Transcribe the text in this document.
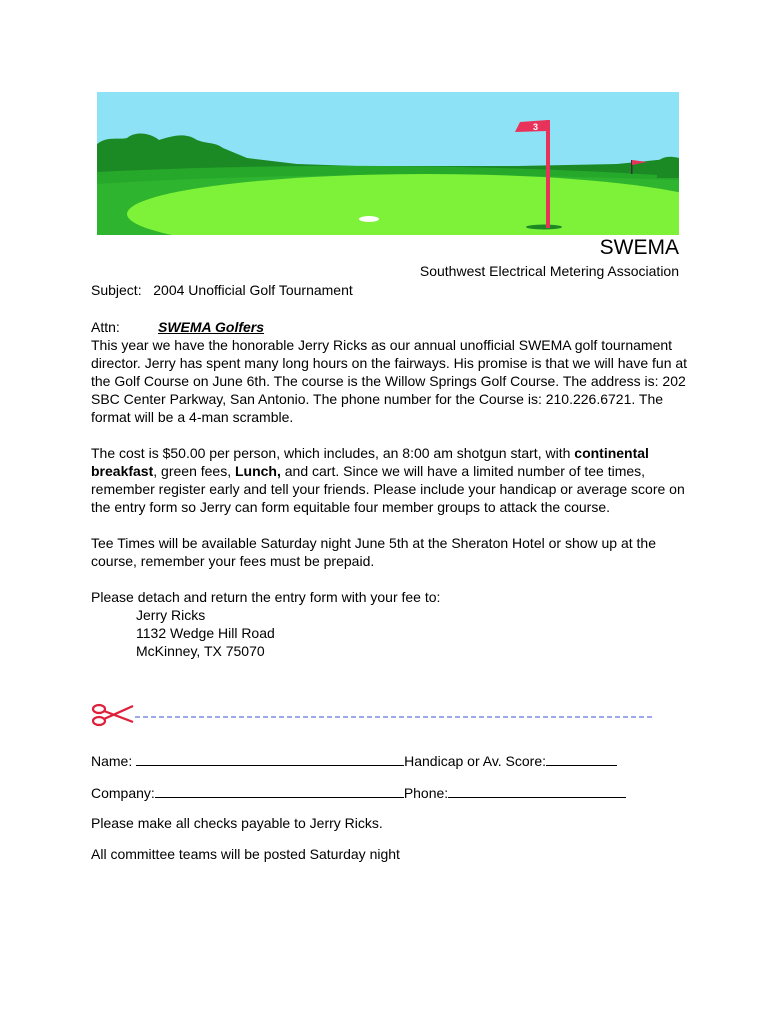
3
SWEMA
Southwest Electrical Metering Association
Subject: 2004 Unofficial Golf Tournament
Attn:	SWEMA Golfers

This year we have the honorable Jerry Ricks as our annual unofficial SWEMA golf tournament director. Jerry has spent many long hours on the fairways. His promise is that we will have fun at the Golf Course on June 6th. The course is the Willow Springs Golf Course. The address is: 202 SBC Center Parkway, San Antonio. The phone number for the Course is: 210.226.6721. The format will be a 4-man scramble.

The cost is $50.00 per person, which includes, an 8:00 am shotgun start, with continental breakfast, green fees, Lunch, and cart. Since we will have a limited number of tee times, remember register early and tell your friends. Please include your handicap or average score on the entry form so Jerry can form equitable four member groups to attack the course.

Tee Times will be available Saturday night June 5th at the Sheraton Hotel or show up at the course, remember your fees must be prepaid.

Please detach and return the entry form with your fee to:
Jerry Ricks
1132 Wedge Hill Road
McKinney, TX 75070
Name:	Handicap or Av. Score:
Company:	Phone:
Please make all checks payable to Jerry Ricks.
All committee teams will be posted Saturday night
